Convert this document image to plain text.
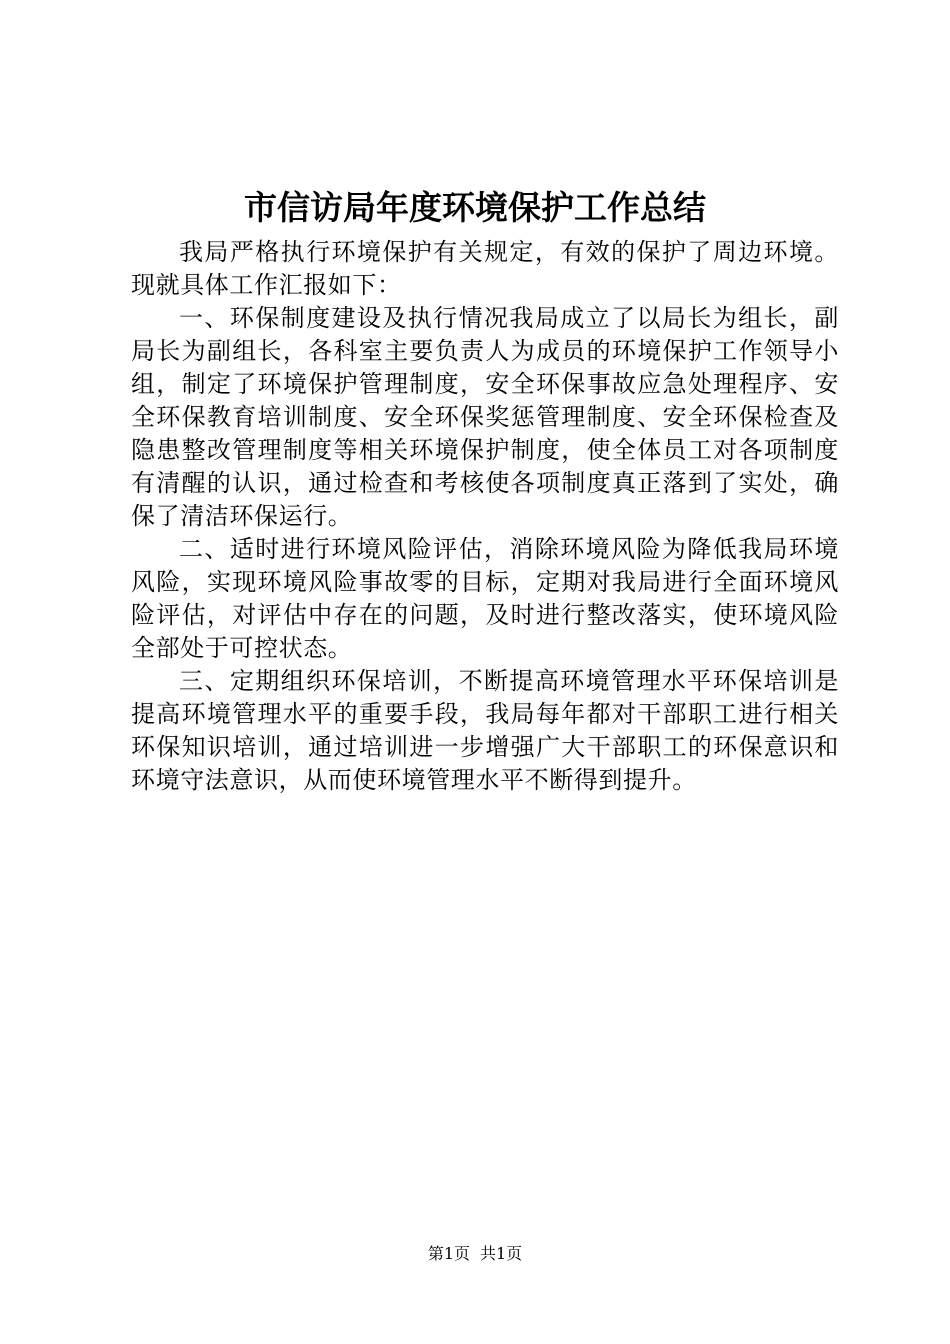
市信访局年度环境保护工作总结

我局严格执行环境保护有关规定，有效的保护了周边环境。现就具体工作汇报如下：

一、环保制度建设及执行情况我局成立了以局长为组长，副局长为副组长，各科室主要负责人为成员的环境保护工作领导小组，制定了环境保护管理制度，安全环保事故应急处理程序、安全环保教育培训制度、安全环保奖惩管理制度、安全环保检查及隐患整改管理制度等相关环境保护制度，使全体员工对各项制度有清醒的认识，通过检查和考核使各项制度真正落到了实处，确保了清洁环保运行。

二、适时进行环境风险评估，消除环境风险为降低我局环境风险，实现环境风险事故零的目标，定期对我局进行全面环境风险评估，对评估中存在的问题，及时进行整改落实，使环境风险全部处于可控状态。

三、定期组织环保培训，不断提高环境管理水平环保培训是提高环境管理水平的重要手段，我局每年都对干部职工进行相关环保知识培训，通过培训进一步增强广大干部职工的环保意识和环境守法意识，从而使环境管理水平不断得到提升。

第1页 共1页
